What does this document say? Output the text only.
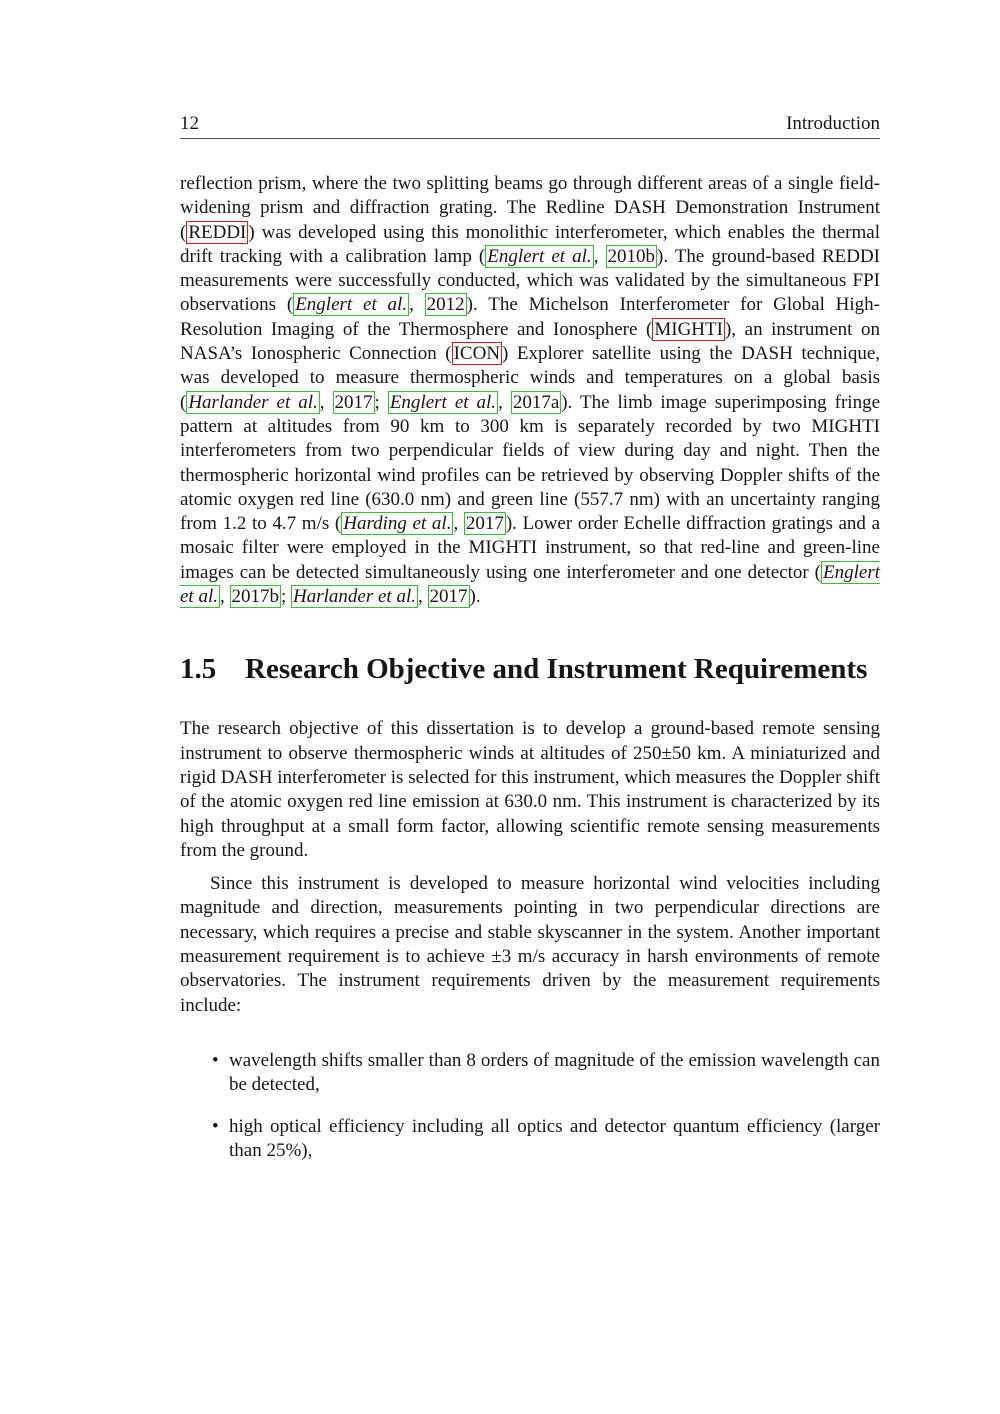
12	Introduction

reflection prism, where the two splitting beams go through different areas of a single field-widening prism and diffraction grating. The Redline DASH Demonstration Instrument ( REDDI ) was developed using this monolithic interferometer, which enables the thermal drift tracking with a calibration lamp ( Englert et al. , 2010b ). The ground-based REDDI measurements were successfully conducted, which was validated by the simultaneous FPI observations ( Englert et al. , 2012 ). The Michelson Interferometer for Global High-Resolution Imaging of the Thermosphere and Ionosphere ( MIGHTI ), an instrument on NASA’s Ionospheric Connection ( ICON ) Explorer satellite using the DASH technique, was developed to measure thermospheric winds and temperatures on a global basis ( Harlander et al. , 2017 ; Englert et al. , 2017a ). The limb image superimposing fringe pattern at altitudes from 90 km to 300 km is separately recorded by two MIGHTI interferometers from two perpendicular fields of view during day and night. Then the thermospheric horizontal wind profiles can be retrieved by observing Doppler shifts of the atomic oxygen red line (630.0 nm) and green line (557.7 nm) with an uncertainty ranging from 1.2 to 4.7 m/s ( Harding et al. , 2017 ). Lower order Echelle diffraction gratings and a mosaic filter were employed in the MIGHTI instrument, so that red-line and green-line images can be detected simultaneously using one interferometer and one detector ( Englert et al. , 2017b ; Harlander et al. , 2017 ).

1.5 Research Objective and Instrument Requirements

The research objective of this dissertation is to develop a ground-based remote sensing instrument to observe thermospheric winds at altitudes of 250±50 km. A miniaturized and rigid DASH interferometer is selected for this instrument, which measures the Doppler shift of the atomic oxygen red line emission at 630.0 nm. This instrument is characterized by its high throughput at a small form factor, allowing scientific remote sensing measurements from the ground.

Since this instrument is developed to measure horizontal wind velocities including magnitude and direction, measurements pointing in two perpendicular directions are necessary, which requires a precise and stable skyscanner in the system. Another important measurement requirement is to achieve ±3 m/s accuracy in harsh environments of remote observatories. The instrument requirements driven by the measurement requirements include:

• wavelength shifts smaller than 8 orders of magnitude of the emission wavelength can be detected,
• high optical efficiency including all optics and detector quantum efficiency (larger than 25%),
